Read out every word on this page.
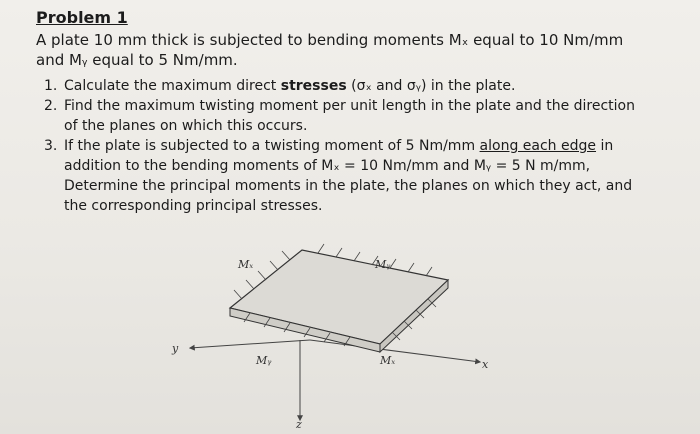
Problem 1
A plate 10 mm thick is subjected to bending moments Mₓ equal to 10 Nm/mm and Mᵧ equal to 5 Nm/mm.
1. Calculate the maximum direct stresses (σₓ and σᵧ) in the plate.
2. Find the maximum twisting moment per unit length in the plate and the direction of the planes on which this occurs.
3. If the plate is subjected to a twisting moment of 5 Nm/mm along each edge in addition to the bending moments of Mₓ = 10 Nm/mm and Mᵧ = 5 N m/mm, Determine the principal moments in the plate, the planes on which they act, and the corresponding principal stresses.
Mₓ	Mᵧ
Mᵧ	Mₓ	x
y
z
